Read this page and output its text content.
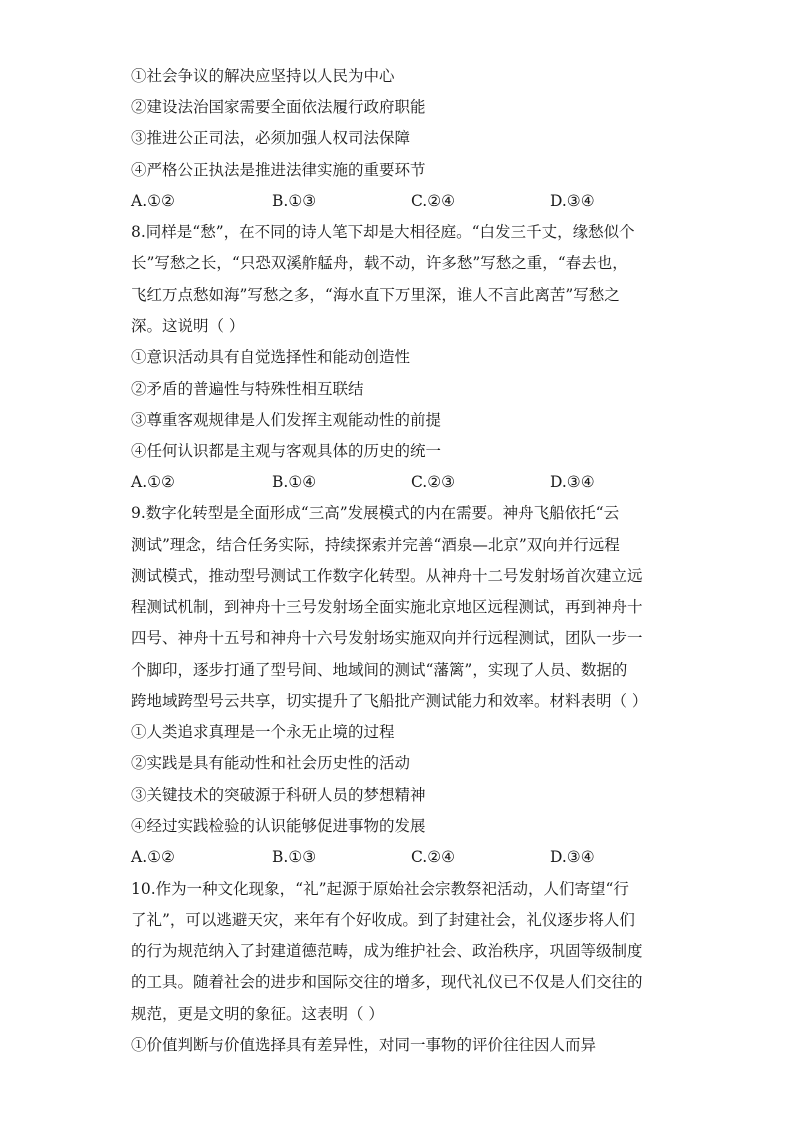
①社会争议的解决应坚持以人民为中心
②建设法治国家需要全面依法履行政府职能
③推进公正司法，必须加强人权司法保障
④严格公正执法是推进法律实施的重要环节
A.①②	B.①③	C.②④	D.③④
8.同样是“愁”，在不同的诗人笔下却是大相径庭。“白发三千丈，缘愁似个
长”写愁之长，“只恐双溪舴艋舟，载不动，许多愁”写愁之重，“春去也，
飞红万点愁如海”写愁之多，“海水直下万里深，谁人不言此离苦”写愁之
深。这说明（ ）
①意识活动具有自觉选择性和能动创造性
②矛盾的普遍性与特殊性相互联结
③尊重客观规律是人们发挥主观能动性的前提
④任何认识都是主观与客观具体的历史的统一
A.①②	B.①④	C.②③	D.③④
9.数字化转型是全面形成“三高”发展模式的内在需要。神舟飞船依托“云
测试”理念，结合任务实际，持续探索并完善“酒泉—北京”双向并行远程
测试模式，推动型号测试工作数字化转型。从神舟十二号发射场首次建立远
程测试机制，到神舟十三号发射场全面实施北京地区远程测试，再到神舟十
四号、神舟十五号和神舟十六号发射场实施双向并行远程测试，团队一步一
个脚印，逐步打通了型号间、地域间的测试“藩篱”，实现了人员、数据的
跨地域跨型号云共享，切实提升了飞船批产测试能力和效率。材料表明（ ）
①人类追求真理是一个永无止境的过程
②实践是具有能动性和社会历史性的活动
③关键技术的突破源于科研人员的梦想精神
④经过实践检验的认识能够促进事物的发展
A.①②	B.①③	C.②④	D.③④
10.作为一种文化现象，“礼”起源于原始社会宗教祭祀活动，人们寄望“行
了礼”，可以逃避天灾，来年有个好收成。到了封建社会，礼仪逐步将人们
的行为规范纳入了封建道德范畴，成为维护社会、政治秩序，巩固等级制度
的工具。随着社会的进步和国际交往的增多，现代礼仪已不仅是人们交往的
规范，更是文明的象征。这表明（ ）
①价值判断与价值选择具有差异性，对同一事物的评价往往因人而异
